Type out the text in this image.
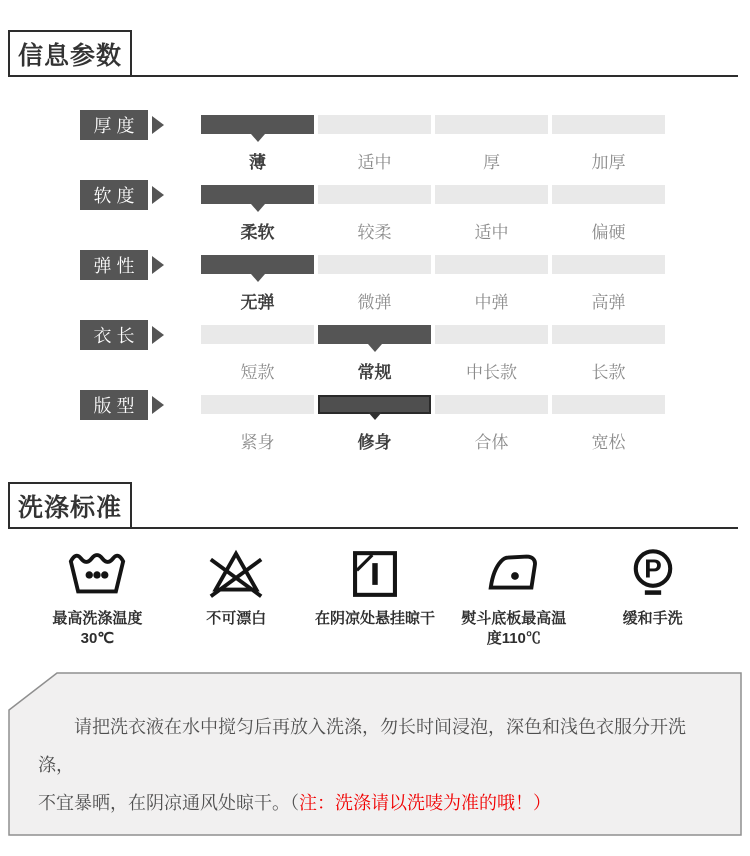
信息参数
厚度
薄	适中	厚	加厚
软度
柔软	较柔	适中	偏硬
弹性
无弹	微弹	中弹	高弹
衣长
短款	常规	中长款	长款
版型
紧身	修身	合体	宽松
洗涤标准
最高洗涤温度
30℃
不可漂白	在阴凉处悬挂晾干	熨斗底板最高温
度110℃
P
缓和手洗

请把洗衣液在水中搅匀后再放入洗涤，勿长时间浸泡，深色和浅色衣服分开洗涤，
不宜暴晒，在阴凉通风处晾干。（注：洗涤请以洗唛为准的哦！）
